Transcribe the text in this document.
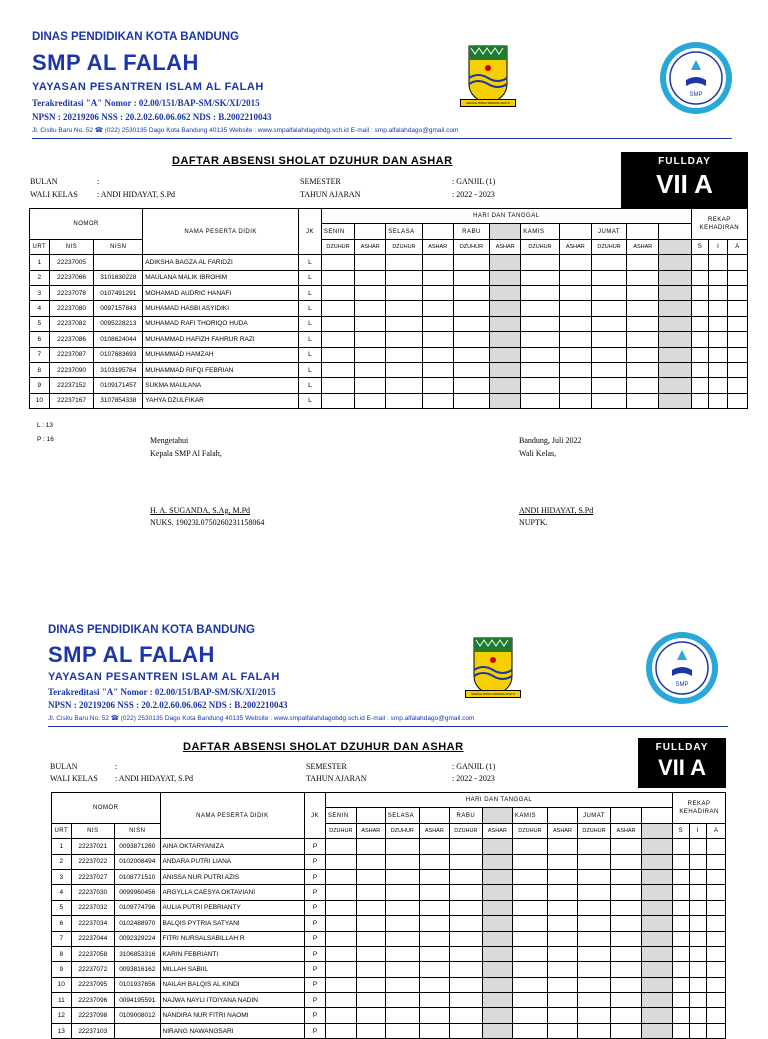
DINAS PENDIDIKAN KOTA BANDUNG
SMP AL FALAH
YAYASAN PESANTREN ISLAM AL FALAH
Terakreditasi "A" Nomor : 02.00/151/BAP-SM/SK/XI/2015
NPSN : 20219206 NSS : 20.2.02.60.06.062 NDS : B.2002210043
Jl. Cisitu Baru No. 52 ☎ (022) 2530135 Dago Kota Bandung 40135 Website : www.smpalfalahdagobdg.sch.id E-mail : smp.alfalahdago@gmail.com
GEMAH RIPAH WIBAWA MUKTI
SMP
DAFTAR ABSENSI SHOLAT DZUHUR DAN ASHAR
BULAN	:
WALI KELAS : ANDI HIDAYAT, S.Pd
SEMESTER	: GANJIL (1)
TAHUN AJARAN	: 2022 - 2023
FULLDAY
VII A
NOMOR			NAMA PESERTA DIDIK	JK	HARI DAN TANGGAL											REKAP KEHADIRAN		
					SENIN		SELASA		RABU		KAMIS		JUMAT					
URT	NIS	NISN			DZUHUR	ASHAR	DZUHUR	ASHAR	DZUHUR	ASHAR	DZUHUR	ASHAR	DZUHUR	ASHAR		S	I	A
1	22237005		ADIKSHA BAGZA AL FARIDZI	L														
2	22237066	3101630228	MAULANA MALIK IBROHIM	L														
3	22237078	0107491291	MOHAMAD AUDRIC HANAFI	L														
4	22237080	0097157843	MUHAMAD HASBI ASYIDIKI	L														
5	22237082	0095228213	MUHAMAD RAFI THORIQO HUDA	L														
6	22237086	0108624044	MUHAMMAD HAFIZH FAHRUR RAZI	L														
7	22237087	0107683693	MUHAMMAD HAMZAH	L														
8	22237090	3103195784	MUHAMMAD RIFQI FEBRIAN	L														
9	22237152	0109171457	SUKMA MAULANA	L														
10	22237167	3107854338	YAHYA DZULFIKAR	L														
L : 13
P : 16	Mengetahui
Kepala SMP Al Falah,
H. A. SUGANDA, S.Ag, M.Pd
NUKS. 19023L0750260231158064
Bandung, Juli 2022
Wali Kelas,
ANDI HIDAYAT, S.Pd
NUPTK.
DINAS PENDIDIKAN KOTA BANDUNG
SMP AL FALAH
YAYASAN PESANTREN ISLAM AL FALAH
Terakreditasi "A" Nomor : 02.00/151/BAP-SM/SK/XI/2015
NPSN : 20219206 NSS : 20.2.02.60.06.062 NDS : B.2002210043
Jl. Cisitu Baru No. 52 ☎ (022) 2530135 Dago Kota Bandung 40135 Website : www.smpalfalahdagobdg.sch.id E-mail : smp.alfalahdago@gmail.com
GEMAH RIPAH WIBAWA MUKTI
SMP
DAFTAR ABSENSI SHOLAT DZUHUR DAN ASHAR
BULAN	:
WALI KELAS : ANDI HIDAYAT, S.Pd
SEMESTER	: GANJIL (1)
TAHUN AJARAN	: 2022 - 2023
FULLDAY
VII A
NOMOR			NAMA PESERTA DIDIK	JK	HARI DAN TANGGAL											REKAP KEHADIRAN		
					SENIN		SELASA		RABU		KAMIS		JUMAT					
URT	NIS	NISN			DZUHUR	ASHAR	DZUHUR	ASHAR	DZUHUR	ASHAR	DZUHUR	ASHAR	DZUHUR	ASHAR		S	I	A
1	22237021	0093871260	AINA OKTARYANIZA	P														
2	22237022	0102008494	ANDARA PUTRI LIANA	P														
3	22237027	0108771510	ANISSA NUR PUTRI AZIS	P														
4	22237030	0099960456	ARGYLLA CAESYA OKTAVIANI	P														
5	22237032	0109774796	AULIA PUTRI PEBRIANTY	P														
6	22237034	0102488970	BALQIS PYTRIA SATYANI	P														
7	22237044	0092329224	FITRI NURSALSABILLAH R	P														
8	22237058	3106853316	KARIN FEBRIANTI	P														
9	22237072	0093816162	MILLAH SABIIL	P														
10	22237095	0101937656	NAILAH BALQIS AL KINDI	P														
11	22237096	0094195591	NAJWA NAYLI ITOIYANA NADIN	P														
12	22237098	0109008012	NANDIRA NUR FITRI NAOMI	P														
13	22237103		NIRANG NAWANGSARI	P														
